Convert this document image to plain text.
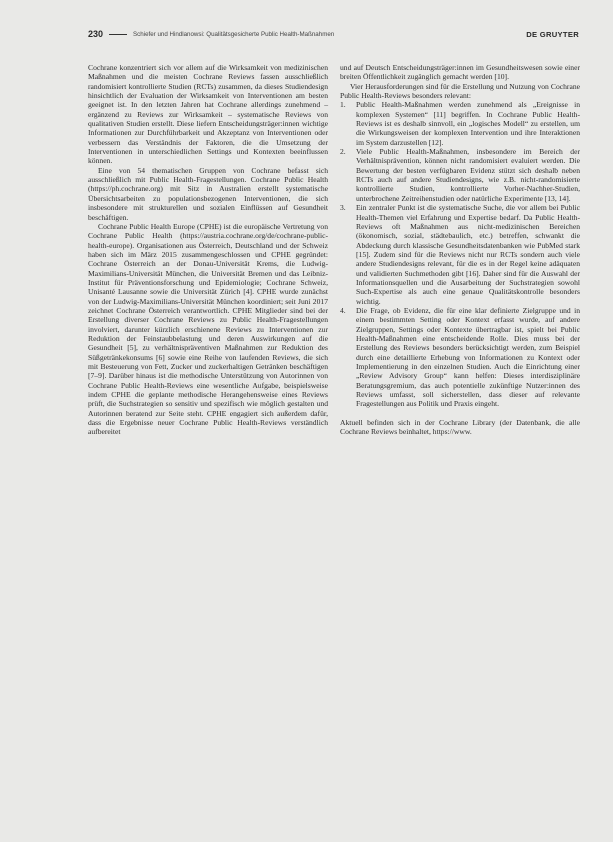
230	Schiefer und Hindlanowsi: Qualitätsgesicherte Public Health-Maßnahmen	DE GRUYTER

Cochrane konzentriert sich vor allem auf die Wirksamkeit von medizinischen Maßnahmen und die meisten Cochrane Reviews fassen ausschließlich randomisiert kontrollierte Studien (RCTs) zusammen, da dieses Studiendesign hinsichtlich der Evaluation der Wirksamkeit von Interventionen am besten geeignet ist. In den letzten Jahren hat Cochrane allerdings zunehmend – ergänzend zu Reviews zur Wirksamkeit – systematische Reviews von qualitativen Studien erstellt. Diese liefern Entscheidungsträger:innen wichtige Informationen zur Durchführbarkeit und Akzeptanz von Interventionen oder verbessern das Verständnis der Faktoren, die die Umsetzung der Interventionen in unterschiedlichen Settings und Kontexten beeinflussen können.

Eine von 54 thematischen Gruppen von Cochrane befasst sich ausschließlich mit Public Health-Fragestellungen. Cochrane Public Health (https://ph.cochrane.org) mit Sitz in Australien erstellt systematische Übersichtsarbeiten zu populationsbezogenen Interventionen, die sich insbesondere mit strukturellen und sozialen Einflüssen auf Gesundheit beschäftigen.

Cochrane Public Health Europe (CPHE) ist die europäische Vertretung von Cochrane Public Health (https://austria.cochrane.org/de/cochrane-public-health-europe). Organisationen aus Österreich, Deutschland und der Schweiz haben sich im März 2015 zusammengeschlossen und CPHE gegründet: Cochrane Österreich an der Donau-Universität Krems, die Ludwig-Maximilians-Universität München, die Universität Bremen und das Leibniz-Institut für Präventionsforschung und Epidemiologie; Cochrane Schweiz, Unisanté Lausanne sowie die Universität Zürich [4]. CPHE wurde zunächst von der Ludwig-Maximilians-Universität München koordiniert; seit Juni 2017 zeichnet Cochrane Österreich verantwortlich. CPHE Mitglieder sind bei der Erstellung diverser Cochrane Reviews zu Public Health-Fragestellungen involviert, darunter kürzlich erschienene Reviews zu Interventionen zur Reduktion der Feinstaubbelastung und deren Auswirkungen auf die Gesundheit [5], zu verhältnispräventiven Maßnahmen zur Reduktion des Süßgetränkekonsums [6] sowie eine Reihe von laufenden Reviews, die sich mit Besteuerung von Fett, Zucker und zuckerhaltigen Getränken beschäftigen [7–9]. Darüber hinaus ist die methodische Unterstützung von Autorinnen von Cochrane Public Health-Reviews eine wesentliche Aufgabe, beispielsweise indem CPHE die geplante methodische Herangehensweise eines Reviews prüft, die Suchstrategien so sensitiv und spezifisch wie möglich gestalten und Autorinnen beratend zur Seite steht. CPHE engagiert sich außerdem dafür, dass die Ergebnisse neuer Cochrane Public Health-Reviews verständlich aufbereitet

und auf Deutsch Entscheidungsträger:innen im Gesundheitswesen sowie einer breiten Öffentlichkeit zugänglich gemacht werden [10].

Vier Herausforderungen sind für die Erstellung und Nutzung von Cochrane Public Health-Reviews besonders relevant:

1.	Public Health-Maßnahmen werden zunehmend als „Ereignisse in komplexen Systemen“ [11] begriffen. In Cochrane Public Health-Reviews ist es deshalb sinnvoll, ein „logisches Modell“ zu erstellen, um die Wirkungsweisen der komplexen Intervention und ihre Interaktionen im System darzustellen [12].
2.	Viele Public Health-Maßnahmen, insbesondere im Bereich der Verhältnisprävention, können nicht randomisiert evaluiert werden. Die Bewertung der besten verfügbaren Evidenz stützt sich deshalb neben RCTs auch auf andere Studiendesigns, wie z.B. nicht-randomisierte kontrollierte Studien, kontrollierte Vorher-Nachher-Studien, unterbrochene Zeitreihenstudien oder natürliche Experimente [13, 14].
3.	Ein zentraler Punkt ist die systematische Suche, die vor allem bei Public Health-Themen viel Erfahrung und Expertise bedarf. Da Public Health-Reviews oft Maßnahmen aus nicht-medizinischen Bereichen (ökonomisch, sozial, städtebaulich, etc.) betreffen, schwankt die Abdeckung durch klassische Gesundheitsdatenbanken wie PubMed stark [15]. Zudem sind für die Reviews nicht nur RCTs sondern auch viele andere Studiendesigns relevant, für die es in der Regel keine adäquaten und validierten Suchmethoden gibt [16]. Daher sind für die Auswahl der Informationsquellen und die Ausarbeitung der Suchstrategien sowohl Such-Expertise als auch eine genaue Qualitätskontrolle besonders wichtig.
4.	Die Frage, ob Evidenz, die für eine klar definierte Zielgruppe und in einem bestimmten Setting oder Kontext erfasst wurde, auf andere Zielgruppen, Settings oder Kontexte übertragbar ist, spielt bei Public Health-Maßnahmen eine entscheidende Rolle. Dies muss bei der Erstellung des Reviews besonders berücksichtigt werden, zum Beispiel durch eine detaillierte Erhebung von Informationen zu Kontext oder Implementierung in den einzelnen Studien. Auch die Einrichtung einer „Review Advisory Group“ kann helfen: Dieses interdisziplinäre Beratungsgremium, das auch potentielle zukünftige Nutzer:innen des Reviews umfasst, soll sicherstellen, dass dieser auf relevante Fragestellungen aus Politik und Praxis eingeht.

Aktuell befinden sich in der Cochrane Library (der Datenbank, die alle Cochrane Reviews beinhaltet, https://www.
